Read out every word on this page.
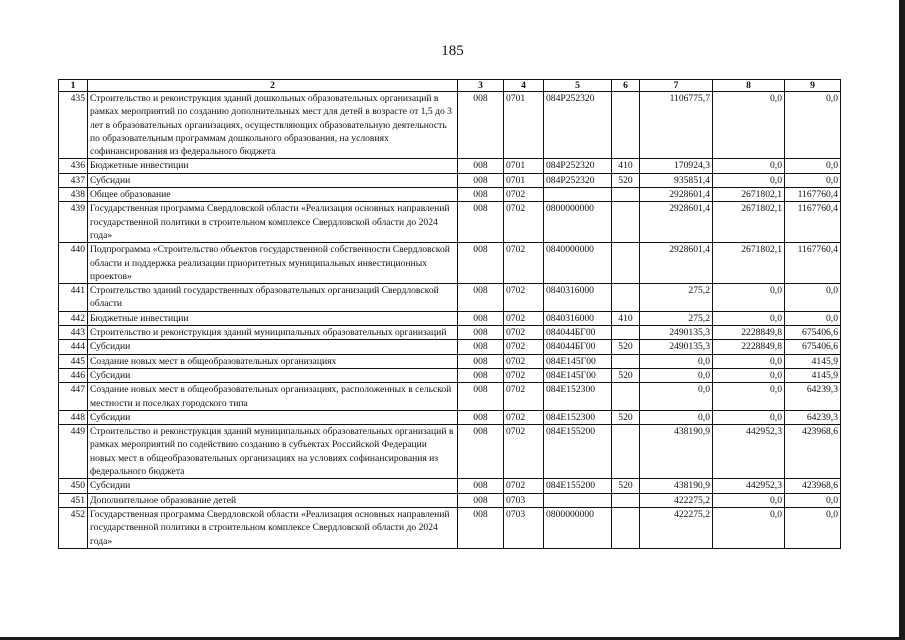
185
1	2	3	4	5	6	7	8	9
435	Строительство и реконструкция зданий дошкольных образовательных организаций в рамках мероприятий по созданию дополнительных мест для детей в возрасте от 1,5 до 3 лет в образовательных организациях, осуществляющих образовательную деятельность по образовательным программам дошкольного образования, на условиях софинансирования из федерального бюджета	008	0701	084P252320		1106775,7	0,0	0,0
436	Бюджетные инвестиции	008	0701	084P252320	410	170924,3	0,0	0,0
437	Субсидии	008	0701	084P252320	520	935851,4	0,0	0,0
438	Общее образование	008	0702			2928601,4	2671802,1	1167760,4
439	Государственная программа Свердловской области «Реализация основных направлений государственной политики в строительном комплексе Свердловской области до 2024 года»	008	0702	0800000000		2928601,4	2671802,1	1167760,4
440	Подпрограмма «Строительство объектов государственной собственности Свердловской области и поддержка реализации приоритетных муниципальных инвестиционных проектов»	008	0702	0840000000		2928601,4	2671802,1	1167760,4
441	Строительство зданий государственных образовательных организаций Свердловской области	008	0702	0840316000		275,2	0,0	0,0
442	Бюджетные инвестиции	008	0702	0840316000	410	275,2	0,0	0,0
443	Строительство и реконструкция зданий муниципальных образовательных организаций	008	0702	084044БГ00		2490135,3	2228849,8	675406,6
444	Субсидии	008	0702	084044БГ00	520	2490135,3	2228849,8	675406,6
445	Создание новых мест в общеобразовательных организациях	008	0702	084Е145Г00		0,0	0,0	4145,9
446	Субсидии	008	0702	084Е145Г00	520	0,0	0,0	4145,9
447	Создание новых мест в общеобразовательных организациях, расположенных в сельской местности и поселках городского типа	008	0702	084Е152300		0,0	0,0	64239,3
448	Субсидии	008	0702	084Е152300	520	0,0	0,0	64239,3
449	Строительство и реконструкция зданий муниципальных образовательных организаций в рамках мероприятий по содействию созданию в субъектах Российской Федерации новых мест в общеобразовательных организациях на условиях софинансирования из федерального бюджета	008	0702	084Е155200		438190,9	442952,3	423968,6
450	Субсидии	008	0702	084Е155200	520	438190,9	442952,3	423968,6
451	Дополнительное образование детей	008	0703			422275,2	0,0	0,0
452	Государственная программа Свердловской области «Реализация основных направлений государственной политики в строительном комплексе Свердловской области до 2024 года»	008	0703	0800000000		422275,2	0,0	0,0
